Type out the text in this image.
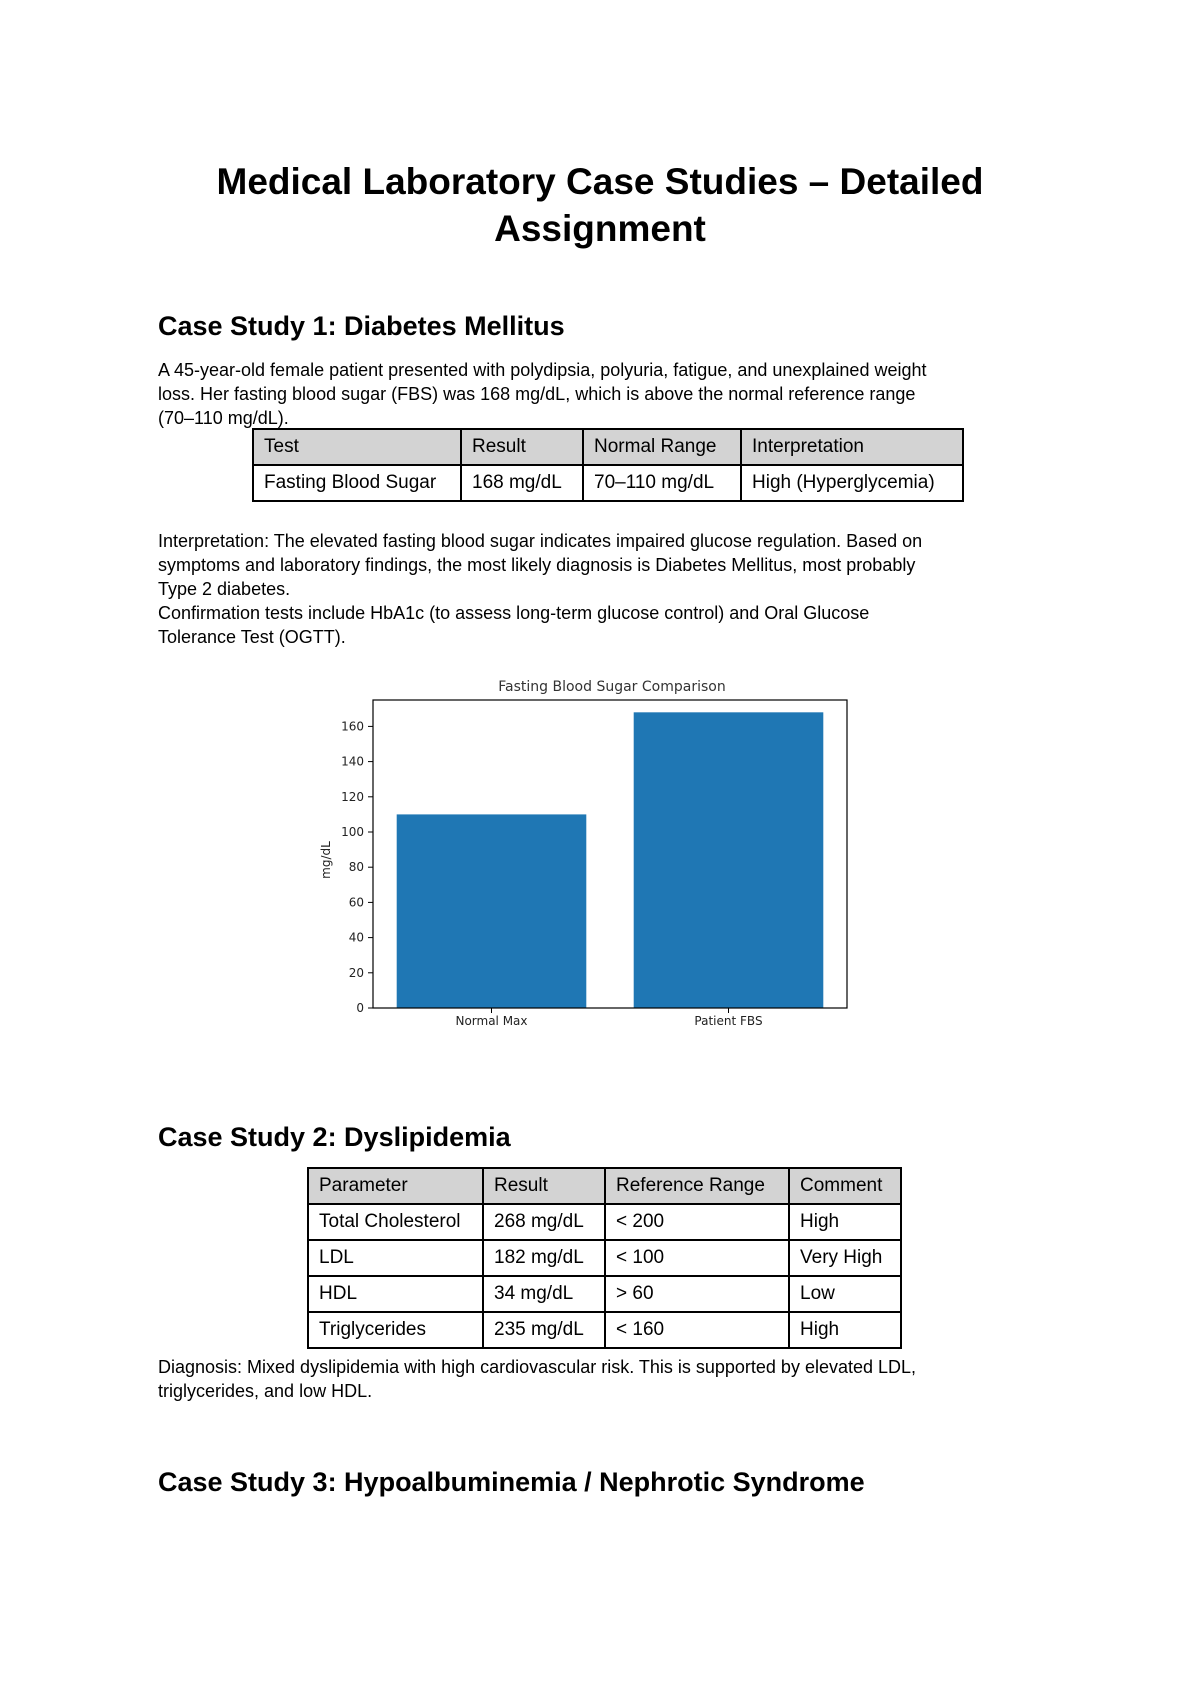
Medical Laboratory Case Studies – Detailed
Assignment
Case Study 1: Diabetes Mellitus

A 45-year-old female patient presented with polydipsia, polyuria, fatigue, and unexplained weight
loss. Her fasting blood sugar (FBS) was 168 mg/dL, which is above the normal reference range
(70–110 mg/dL).

Test	Result	Normal Range	Interpretation
Fasting Blood Sugar	168 mg/dL	70–110 mg/dL	High (Hyperglycemia)

Interpretation: The elevated fasting blood sugar indicates impaired glucose regulation. Based on
symptoms and laboratory findings, the most likely diagnosis is Diabetes Mellitus, most probably
Type 2 diabetes.
Confirmation tests include HbA1c (to assess long-term glucose control) and Oral Glucose
Tolerance Test (OGTT).

Fasting Blood Sugar Comparison
mg/dL
0
20
40
60
80
100
120
140
160
Normal Max	Patient FBS
Case Study 2: Dyslipidemia
Parameter	Result	Reference Range	Comment
Total Cholesterol	268 mg/dL	< 200	High
LDL	182 mg/dL	< 100	Very High
HDL	34 mg/dL	> 60	Low
Triglycerides	235 mg/dL	< 160	High

Diagnosis: Mixed dyslipidemia with high cardiovascular risk. This is supported by elevated LDL,
triglycerides, and low HDL.

Case Study 3: Hypoalbuminemia / Nephrotic Syndrome
